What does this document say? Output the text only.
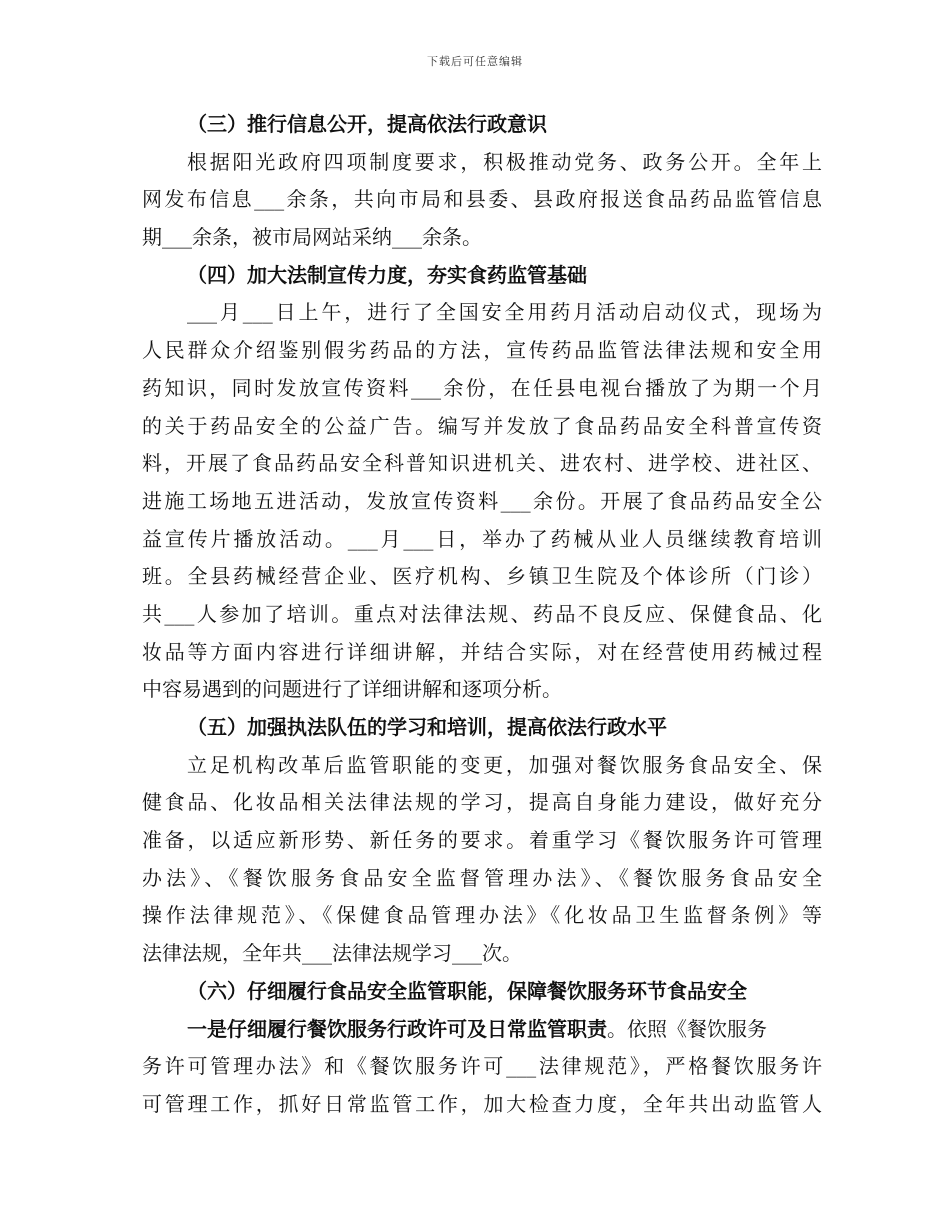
下载后可任意编辑
（三）推行信息公开，提高依法行政意识
根据阳光政府四项制度要求，积极推动党务、政务公开。全年上
网发布信息___余条，共向市局和县委、县政府报送食品药品监管信息
期___余条，被市局网站采纳___余条。
（四）加大法制宣传力度，夯实食药监管基础
___月___日上午，进行了全国安全用药月活动启动仪式，现场为
人民群众介绍鉴别假劣药品的方法，宣传药品监管法律法规和安全用
药知识，同时发放宣传资料___余份，在任县电视台播放了为期一个月
的关于药品安全的公益广告。编写并发放了食品药品安全科普宣传资
料，开展了食品药品安全科普知识进机关、进农村、进学校、进社区、
进施工场地五进活动，发放宣传资料___余份。开展了食品药品安全公
益宣传片播放活动。___月___日，举办了药械从业人员继续教育培训
班。全县药械经营企业、医疗机构、乡镇卫生院及个体诊所（门诊）
共___人参加了培训。重点对法律法规、药品不良反应、保健食品、化
妆品等方面内容进行详细讲解，并结合实际，对在经营使用药械过程
中容易遇到的问题进行了详细讲解和逐项分析。
（五）加强执法队伍的学习和培训，提高依法行政水平
立足机构改革后监管职能的变更，加强对餐饮服务食品安全、保
健食品、化妆品相关法律法规的学习，提高自身能力建设，做好充分
准备，以适应新形势、新任务的要求。着重学习《餐饮服务许可管理
办法》、《餐饮服务食品安全监督管理办法》、《餐饮服务食品安全
操作法律规范》、《保健食品管理办法》《化妆品卫生监督条例》等
法律法规，全年共___法律法规学习___次。
（六）仔细履行食品安全监管职能，保障餐饮服务环节食品安全
一是仔细履行餐饮服务行政许可及日常监管职责。依照《餐饮服务
务许可管理办法》和《餐饮服务许可___法律规范》，严格餐饮服务许
可管理工作，抓好日常监管工作，加大检查力度，全年共出动监管人
